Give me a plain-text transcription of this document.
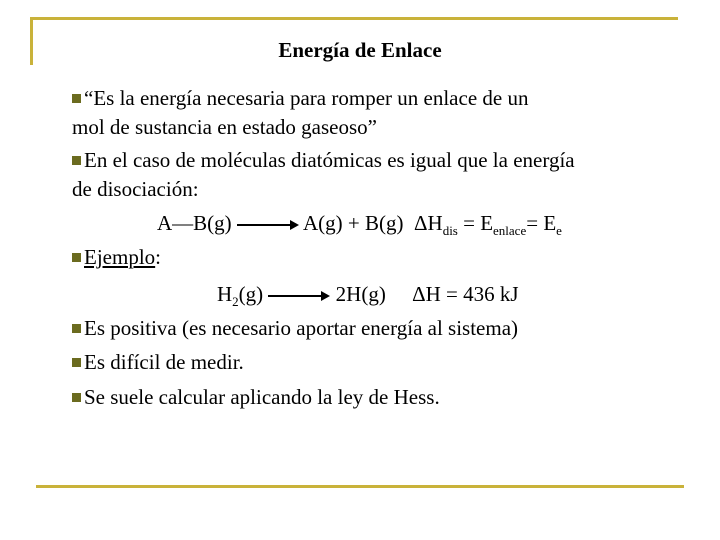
Energía de Enlace
“Es la energía necesaria para romper un enlace de un
mol de sustancia en estado gaseoso”
En el caso de moléculas diatómicas es igual que la energía
de disociación:
A—B(g)	A(g) + B(g) $\Delta H_{dis} = E_{enlace}= E_e$
Ejemplo:
$H_2(g)$	2H(g) ΔH = 436 kJ
Es positiva (es necesario aportar energía al sistema)
Es difícil de medir.
Se suele calcular aplicando la ley de Hess.
